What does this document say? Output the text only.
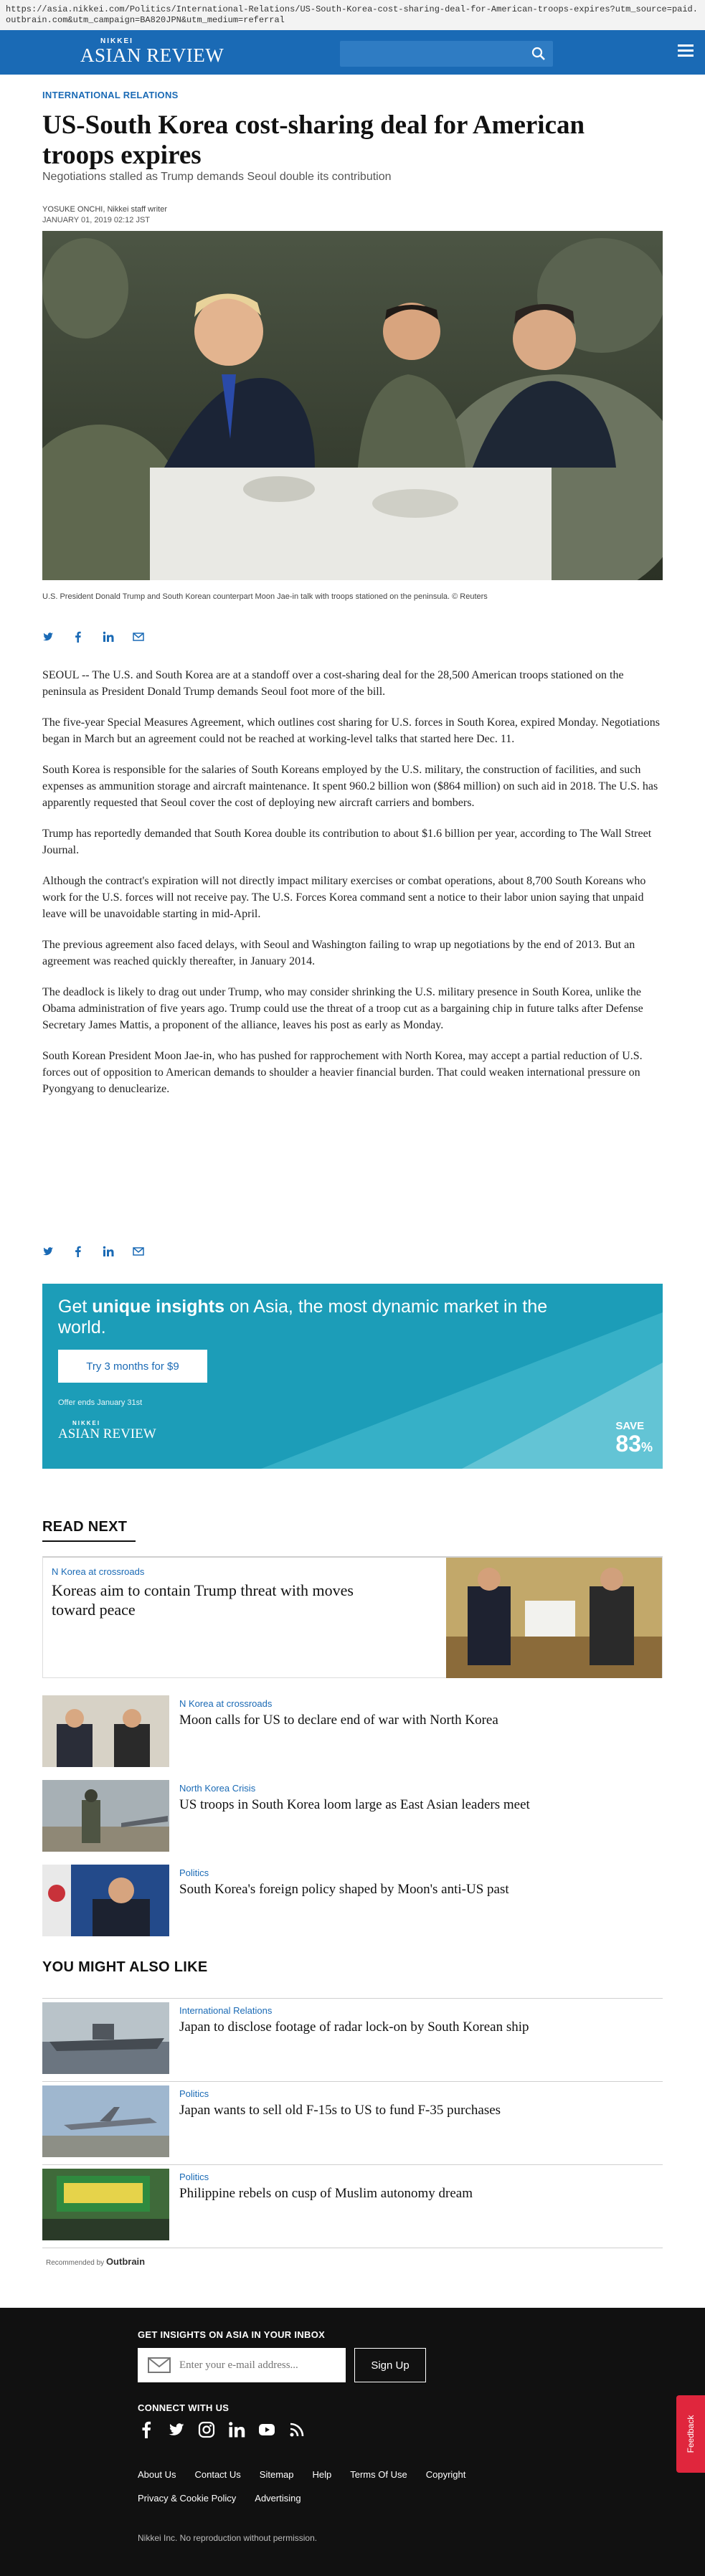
https://asia.nikkei.com/Politics/International-Relations/US-South-Korea-cost-sharing-deal-for-American-troops-expires?utm_source=paid.outbrain.com&utm_campaign=BA820JPN&utm_medium=referral
NIKKEI
ASIAN REVIEW
INTERNATIONAL RELATIONS
US-South Korea cost-sharing deal for American troops expires
Negotiations stalled as Trump demands Seoul double its contribution
YOSUKE ONCHI, Nikkei staff writer
JANUARY 01, 2019 02:12 JST
U.S. President Donald Trump and South Korean counterpart Moon Jae-in talk with troops stationed on the peninsula. © Reuters

SEOUL -- The U.S. and South Korea are at a standoff over a cost-sharing deal for the 28,500 American troops stationed on the peninsula as President Donald Trump demands Seoul foot more of the bill.

The five-year Special Measures Agreement, which outlines cost sharing for U.S. forces in South Korea, expired Monday. Negotiations began in March but an agreement could not be reached at working-level talks that started here Dec. 11.

South Korea is responsible for the salaries of South Koreans employed by the U.S. military, the construction of facilities, and such expenses as ammunition storage and aircraft maintenance. It spent 960.2 billion won ($864 million) on such aid in 2018. The U.S. has apparently requested that Seoul cover the cost of deploying new aircraft carriers and bombers.

Trump has reportedly demanded that South Korea double its contribution to about $1.6 billion per year, according to The Wall Street Journal.

Although the contract's expiration will not directly impact military exercises or combat operations, about 8,700 South Koreans who work for the U.S. forces will not receive pay. The U.S. Forces Korea command sent a notice to their labor union saying that unpaid leave will be unavoidable starting in mid-April.

The previous agreement also faced delays, with Seoul and Washington failing to wrap up negotiations by the end of 2013. But an agreement was reached quickly thereafter, in January 2014.

The deadlock is likely to drag out under Trump, who may consider shrinking the U.S. military presence in South Korea, unlike the Obama administration of five years ago. Trump could use the threat of a troop cut as a bargaining chip in future talks after Defense Secretary James Mattis, a proponent of the alliance, leaves his post as early as Monday.

South Korean President Moon Jae-in, who has pushed for rapprochement with North Korea, may accept a partial reduction of U.S. forces out of opposition to American demands to shoulder a heavier financial burden. That could weaken international pressure on Pyongyang to denuclearize.

Get unique insights on Asia, the most dynamic market in the world.
Try 3 months for $9
Offer ends January 31st
NIKKEI
ASIAN REVIEW
SAVE
83%
READ NEXT
N Korea at crossroads
Koreas aim to contain Trump threat with moves toward peace
N Korea at crossroads
Moon calls for US to declare end of war with North Korea
North Korea Crisis
US troops in South Korea loom large as East Asian leaders meet
Politics
South Korea's foreign policy shaped by Moon's anti-US past
YOU MIGHT ALSO LIKE
International Relations
Japan to disclose footage of radar lock-on by South Korean ship
Politics
Japan wants to sell old F-15s to US to fund F-35 purchases
Politics
Philippine rebels on cusp of Muslim autonomy dream
Recommended by Outbrain
GET INSIGHTS ON ASIA IN YOUR INBOX
Enter your e-mail address...
Sign Up
CONNECT WITH US
About Us Contact Us Sitemap Help Terms Of Use Copyright
Privacy & Cookie Policy Advertising
Nikkei Inc. No reproduction without permission.
Feedback
